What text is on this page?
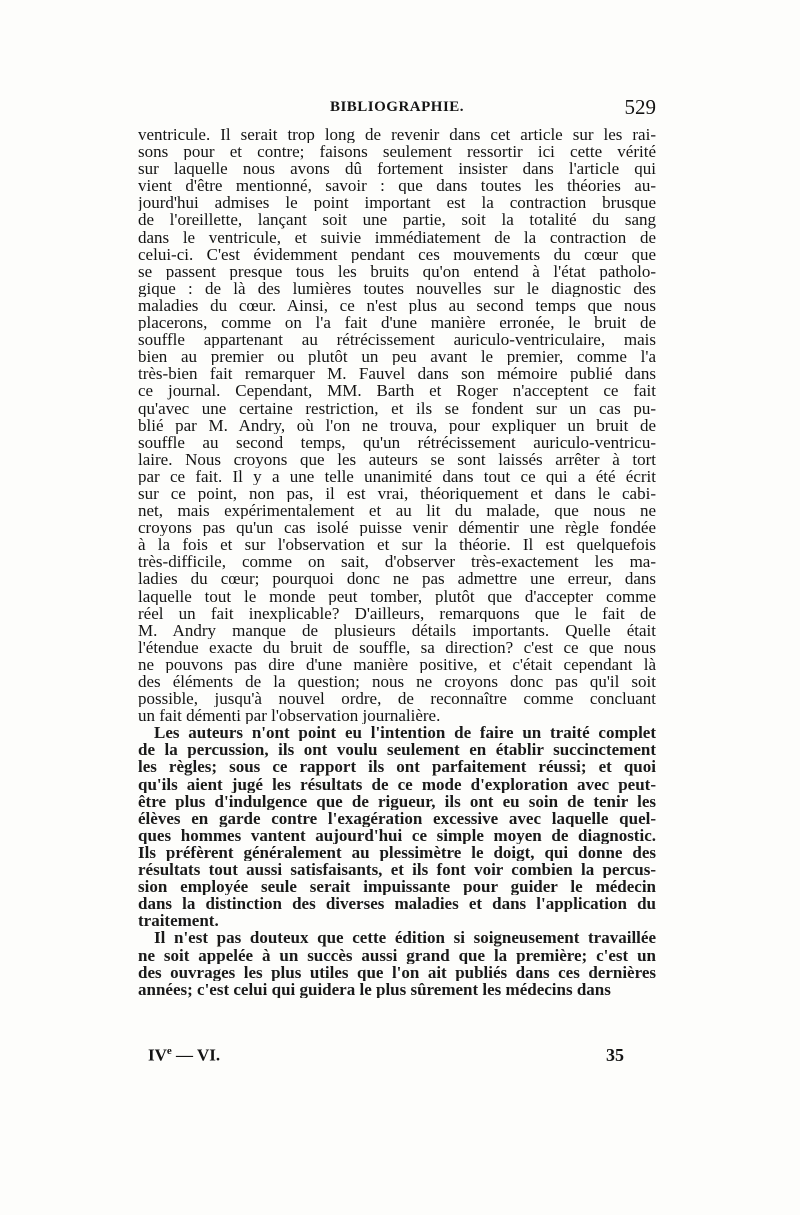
BIBLIOGRAPHIE.	529
ventricule. Il serait trop long de revenir dans cet article sur les rai-
sons pour et contre; faisons seulement ressortir ici cette vérité
sur laquelle nous avons dû fortement insister dans l'article qui
vient d'être mentionné, savoir : que dans toutes les théories au-
jourd'hui admises le point important est la contraction brusque
de l'oreillette, lançant soit une partie, soit la totalité du sang
dans le ventricule, et suivie immédiatement de la contraction de
celui-ci. C'est évidemment pendant ces mouvements du cœur que
se passent presque tous les bruits qu'on entend à l'état patholo-
gique : de là des lumières toutes nouvelles sur le diagnostic des
maladies du cœur. Ainsi, ce n'est plus au second temps que nous
placerons, comme on l'a fait d'une manière erronée, le bruit de
souffle appartenant au rétrécissement auriculo-ventriculaire, mais
bien au premier ou plutôt un peu avant le premier, comme l'a
très-bien fait remarquer M. Fauvel dans son mémoire publié dans
ce journal. Cependant, MM. Barth et Roger n'acceptent ce fait
qu'avec une certaine restriction, et ils se fondent sur un cas pu-
blié par M. Andry, où l'on ne trouva, pour expliquer un bruit de
souffle au second temps, qu'un rétrécissement auriculo-ventricu-
laire. Nous croyons que les auteurs se sont laissés arrêter à tort
par ce fait. Il y a une telle unanimité dans tout ce qui a été écrit
sur ce point, non pas, il est vrai, théoriquement et dans le cabi-
net, mais expérimentalement et au lit du malade, que nous ne
croyons pas qu'un cas isolé puisse venir démentir une règle fondée
à la fois et sur l'observation et sur la théorie. Il est quelquefois
très-difficile, comme on sait, d'observer très-exactement les ma-
ladies du cœur; pourquoi donc ne pas admettre une erreur, dans
laquelle tout le monde peut tomber, plutôt que d'accepter comme
réel un fait inexplicable? D'ailleurs, remarquons que le fait de
M. Andry manque de plusieurs détails importants. Quelle était
l'étendue exacte du bruit de souffle, sa direction? c'est ce que nous
ne pouvons pas dire d'une manière positive, et c'était cependant là
des éléments de la question; nous ne croyons donc pas qu'il soit
possible, jusqu'à nouvel ordre, de reconnaître comme concluant
un fait démenti par l'observation journalière.
Les auteurs n'ont point eu l'intention de faire un traité complet
de la percussion, ils ont voulu seulement en établir succinctement
les règles; sous ce rapport ils ont parfaitement réussi; et quoi
qu'ils aient jugé les résultats de ce mode d'exploration avec peut-
être plus d'indulgence que de rigueur, ils ont eu soin de tenir les
élèves en garde contre l'exagération excessive avec laquelle quel-
ques hommes vantent aujourd'hui ce simple moyen de diagnostic.
Ils préfèrent généralement au plessimètre le doigt, qui donne des
résultats tout aussi satisfaisants, et ils font voir combien la percus-
sion employée seule serait impuissante pour guider le médecin
dans la distinction des diverses maladies et dans l'application du
traitement.
Il n'est pas douteux que cette édition si soigneusement travaillée
ne soit appelée à un succès aussi grand que la première; c'est un
des ouvrages les plus utiles que l'on ait publiés dans ces dernières
années; c'est celui qui guidera le plus sûrement les médecins dans
IVe — VI.	35
